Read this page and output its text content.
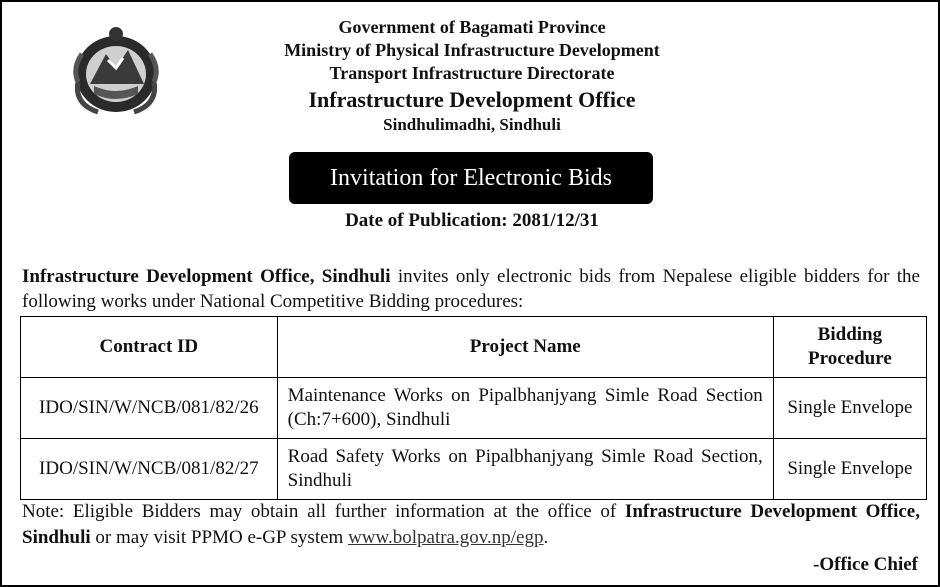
Government of Bagamati Province
Ministry of Physical Infrastructure Development
Transport Infrastructure Directorate
Infrastructure Development Office
Sindhulimadhi, Sindhuli
Invitation for Electronic Bids
Date of Publication: 2081/12/31
Infrastructure Development Office, Sindhuli invites only electronic bids from Nepalese eligible bidders for the following works under National Competitive Bidding procedures:
Contract ID	Project Name	Bidding Procedure
IDO/SIN/W/NCB/081/82/26	Maintenance Works on Pipalbhanjyang Simle Road Section (Ch:7+600), Sindhuli	Single Envelope
IDO/SIN/W/NCB/081/82/27	Road Safety Works on Pipalbhanjyang Simle Road Section, Sindhuli	Single Envelope
Note: Eligible Bidders may obtain all further information at the office of Infrastructure Development Office, Sindhuli or may visit PPMO e-GP system www.bolpatra.gov.np/egp.
-Office Chief
